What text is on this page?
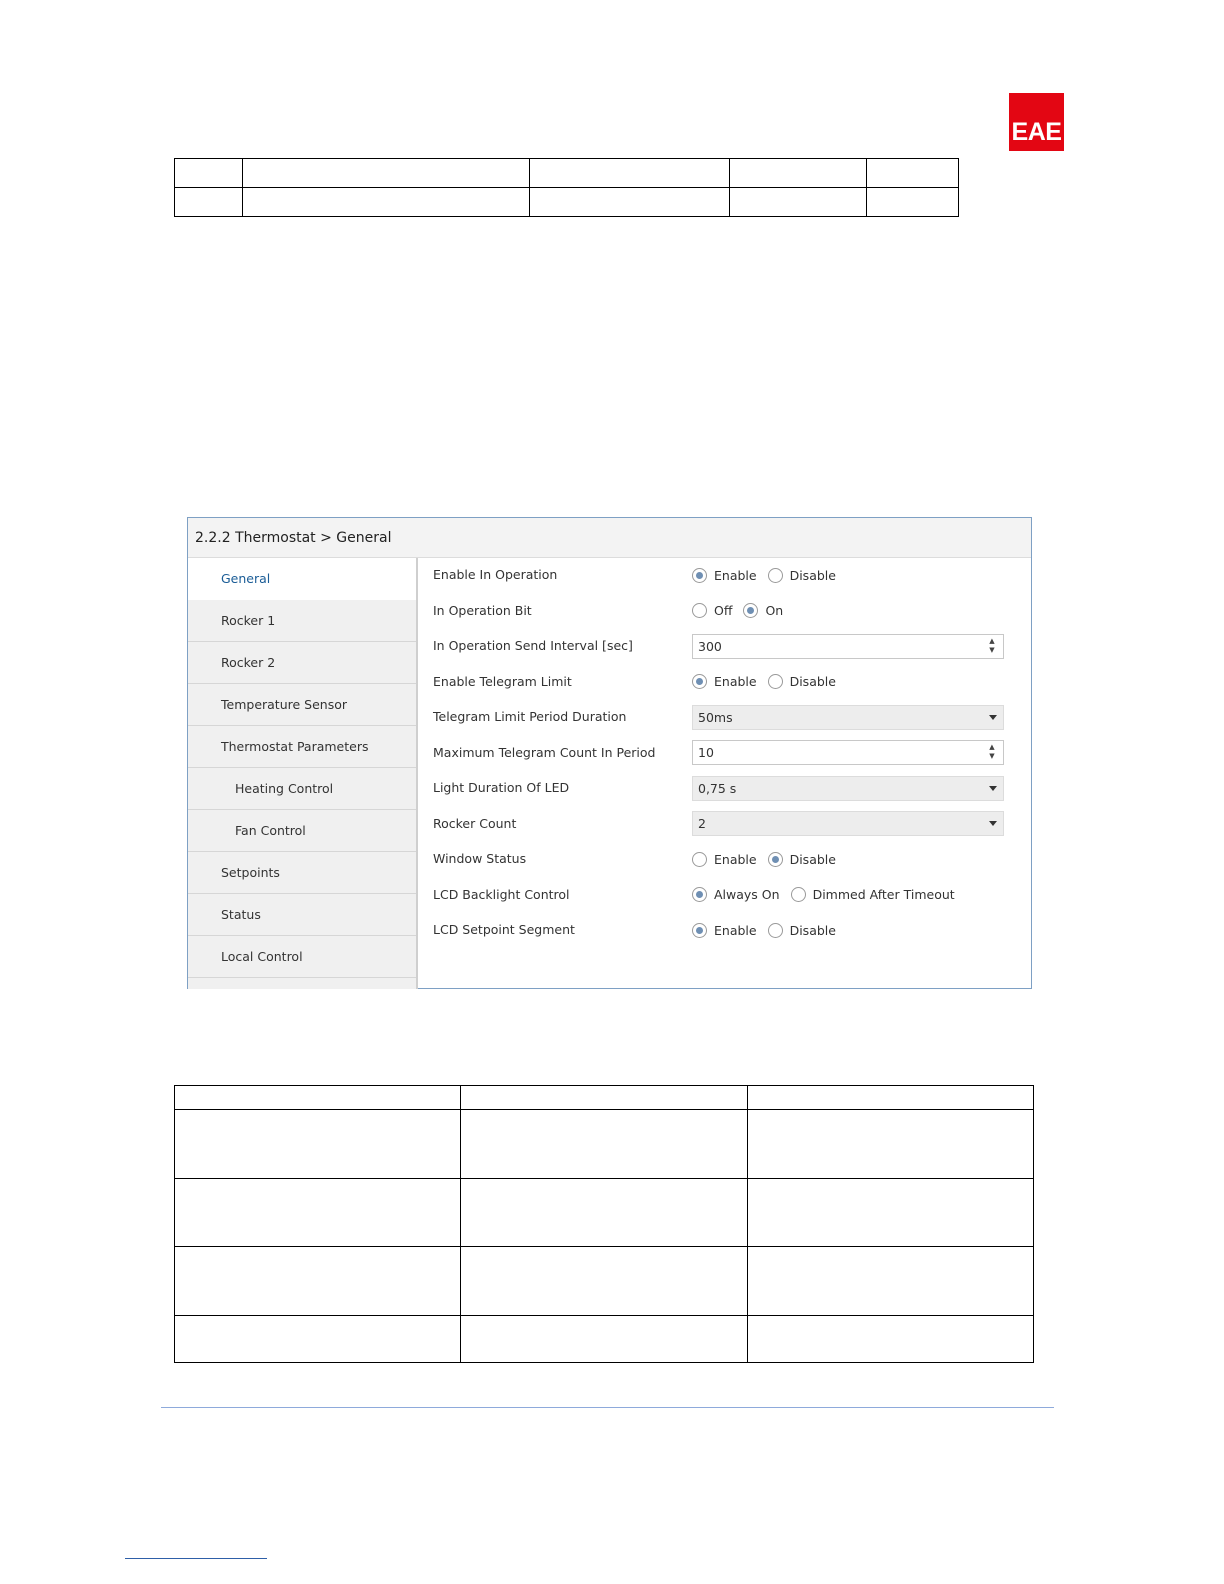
EAE

2.2.2 Thermostat > General
General
Rocker 1
Rocker 2
Temperature Sensor
Thermostat Parameters
Heating Control
Fan Control
Setpoints
Status
Local Control
Enable In Operation	Enable	Disable
In Operation Bit	Off	On
In Operation Send Interval [sec]	300	▲
▼
Enable Telegram Limit	Enable	Disable
Telegram Limit Period Duration	50ms
Maximum Telegram Count In Period	10	▲
▼
Light Duration Of LED	0,75 s
Rocker Count	2
Window Status	Enable	Disable
LCD Backlight Control	Always On	Dimmed After Timeout
LCD Setpoint Segment	Enable	Disable
